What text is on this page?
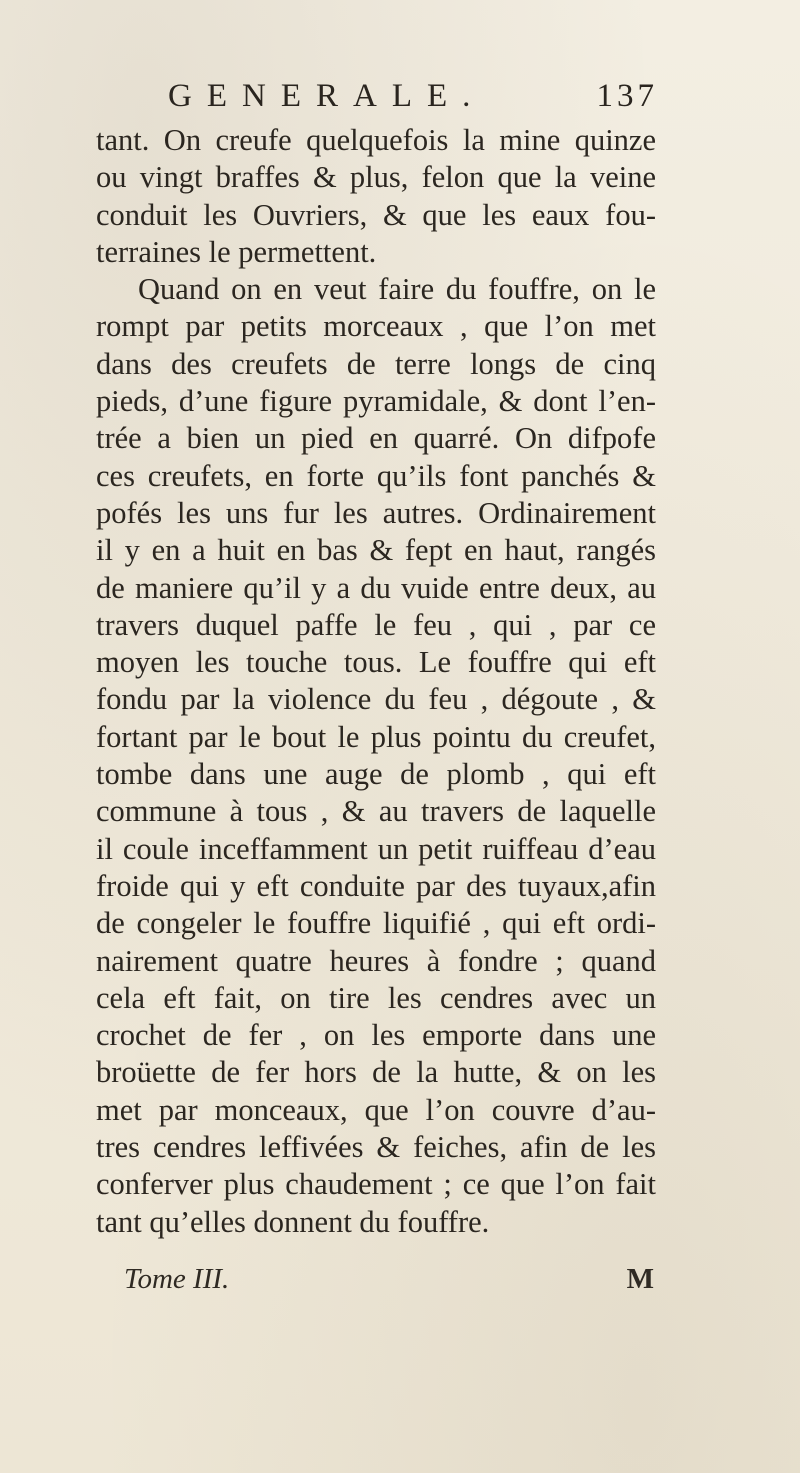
GENERALE.	137
tant. On creufe quelquefois la mine quinze
ou vingt braffes & plus, felon que la veine
conduit les Ouvriers, & que les eaux fou-
terraines le permettent.
Quand on en veut faire du fouffre, on le
rompt par petits morceaux , que l’on met
dans des creufets de terre longs de cinq
pieds, d’une figure pyramidale, & dont l’en-
trée a bien un pied en quarré. On difpofe
ces creufets, en forte qu’ils font panchés &
pofés les uns fur les autres. Ordinairement
il y en a huit en bas & fept en haut, rangés
de maniere qu’il y a du vuide entre deux, au
travers duquel paffe le feu , qui , par ce
moyen les touche tous. Le fouffre qui eft
fondu par la violence du feu , dégoute , &
fortant par le bout le plus pointu du creufet,
tombe dans une auge de plomb , qui eft
commune à tous , & au travers de laquelle
il coule inceffamment un petit ruiffeau d’eau
froide qui y eft conduite par des tuyaux,afin
de congeler le fouffre liquifié , qui eft ordi-
nairement quatre heures à fondre ; quand
cela eft fait, on tire les cendres avec un
crochet de fer , on les emporte dans une
broüette de fer hors de la hutte, & on les
met par monceaux, que l’on couvre d’au-
tres cendres leffivées & feiches, afin de les
conferver plus chaudement ; ce que l’on fait
tant qu’elles donnent du fouffre.
Tome III.	M
